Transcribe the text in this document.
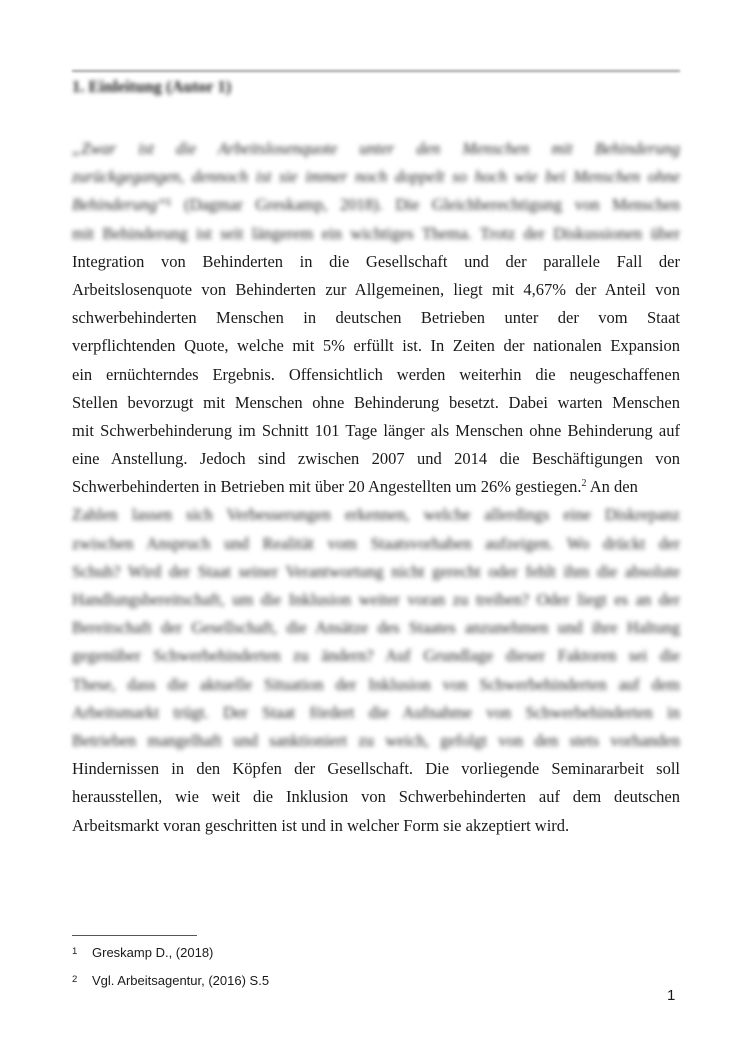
1. Einleitung (Autor 1)
„Zwar ist die Arbeitslosenquote unter den Menschen mit Behinderung
zurückgegangen, dennoch ist sie immer noch doppelt so hoch wie bei Menschen ohne
Behinderung“¹ (Dagmar Greskamp, 2018). Die Gleichberechtigung von Menschen
mit Behinderung ist seit längerem ein wichtiges Thema. Trotz der Diskussionen über
Integration von Behinderten in die Gesellschaft und der parallele Fall der
Arbeitslosenquote von Behinderten zur Allgemeinen, liegt mit 4,67% der Anteil von
schwerbehinderten Menschen in deutschen Betrieben unter der vom Staat
verpflichtenden Quote, welche mit 5% erfüllt ist. In Zeiten der nationalen Expansion
ein ernüchterndes Ergebnis. Offensichtlich werden weiterhin die neugeschaffenen
Stellen bevorzugt mit Menschen ohne Behinderung besetzt. Dabei warten Menschen
mit Schwerbehinderung im Schnitt 101 Tage länger als Menschen ohne Behinderung auf
eine Anstellung. Jedoch sind zwischen 2007 und 2014 die Beschäftigungen von
Schwerbehinderten in Betrieben mit über 20 Angestellten um 26% gestiegen.$^2$ An den
Zahlen lassen sich Verbesserungen erkennen, welche allerdings eine Diskrepanz
zwischen Anspruch und Realität vom Staatsvorhaben aufzeigen. Wo drückt der
Schuh? Wird der Staat seiner Verantwortung nicht gerecht oder fehlt ihm die absolute
Handlungsbereitschaft, um die Inklusion weiter voran zu treiben? Oder liegt es an der
Bereitschaft der Gesellschaft, die Ansätze des Staates anzunehmen und ihre Haltung
gegenüber Schwerbehinderten zu ändern? Auf Grundlage dieser Faktoren sei die
These, dass die aktuelle Situation der Inklusion von Schwerbehinderten auf dem
Arbeitsmarkt trügt. Der Staat fördert die Aufnahme von Schwerbehinderten in
Betrieben mangelhaft und sanktioniert zu weich, gefolgt von den stets vorhanden
Hindernissen in den Köpfen der Gesellschaft. Die vorliegende Seminararbeit soll
herausstellen, wie weit die Inklusion von Schwerbehinderten auf dem deutschen
Arbeitsmarkt voran geschritten ist und in welcher Form sie akzeptiert wird.
1 Greskamp D., (2018)
2 Vgl. Arbeitsagentur, (2016) S.5
1
